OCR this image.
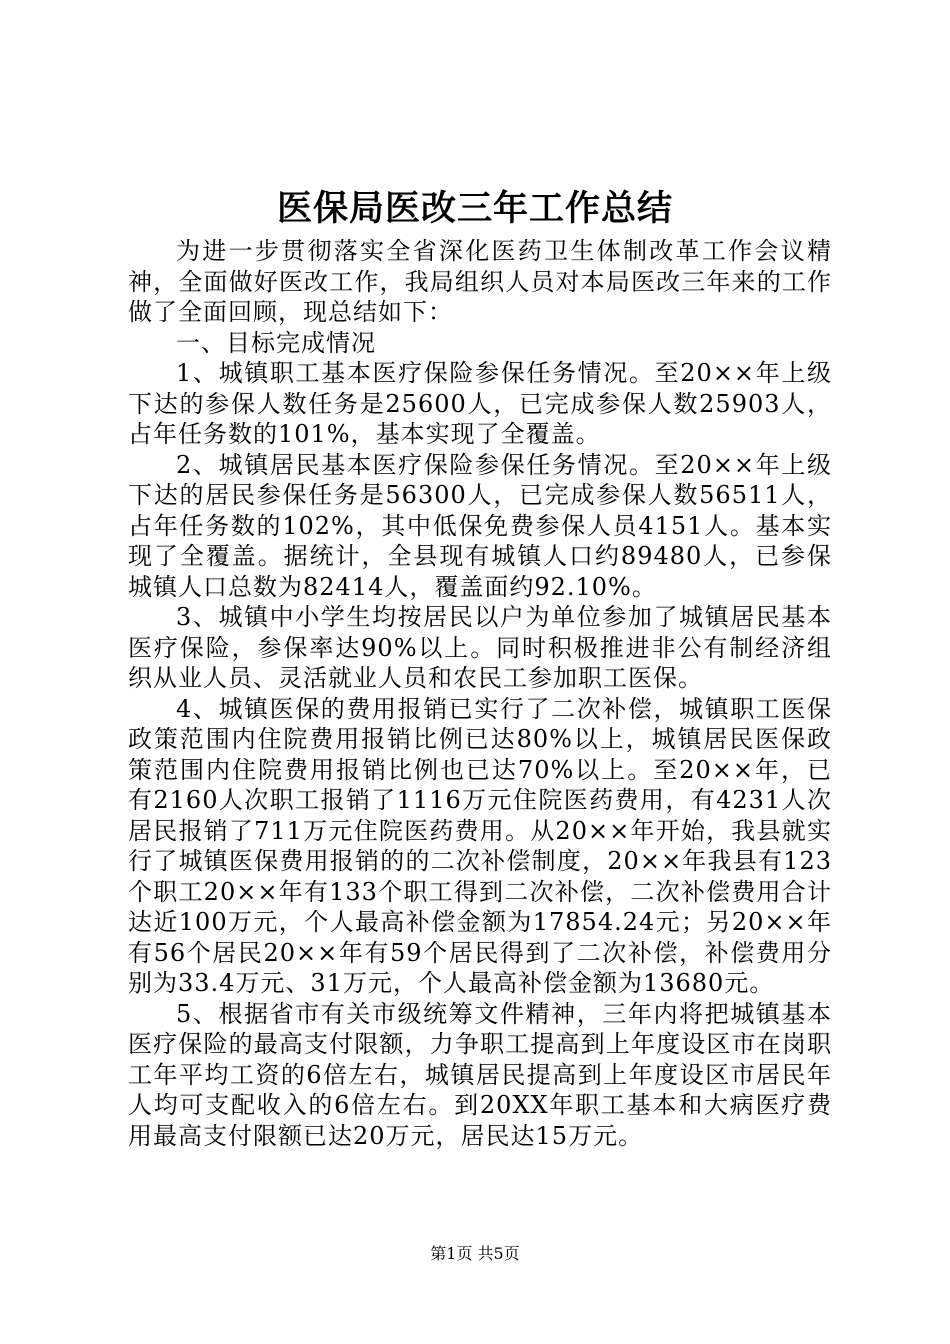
医保局医改三年工作总结

为进一步贯彻落实全省深化医药卫生体制改革工作会议精神，全面做好医改工作，我局组织人员对本局医改三年来的工作做了全面回顾，现总结如下：

一、目标完成情况

1、城镇职工基本医疗保险参保任务情况。至20××年上级下达的参保人数任务是25600人，已完成参保人数25903人，占年任务数的101%，基本实现了全覆盖。

2、城镇居民基本医疗保险参保任务情况。至20××年上级下达的居民参保任务是56300人，已完成参保人数56511人，占年任务数的102%，其中低保免费参保人员4151人。基本实现了全覆盖。据统计，全县现有城镇人口约89480人，已参保城镇人口总数为82414人，覆盖面约92.10%。

3、城镇中小学生均按居民以户为单位参加了城镇居民基本医疗保险，参保率达90%以上。同时积极推进非公有制经济组织从业人员、灵活就业人员和农民工参加职工医保。

4、城镇医保的费用报销已实行了二次补偿，城镇职工医保政策范围内住院费用报销比例已达80%以上，城镇居民医保政策范围内住院费用报销比例也已达70%以上。至20××年，已有2160人次职工报销了1116万元住院医药费用，有4231人次居民报销了711万元住院医药费用。从20××年开始，我县就实行了城镇医保费用报销的的二次补偿制度，20××年我县有123个职工20××年有133个职工得到二次补偿，二次补偿费用合计达近100万元，个人最高补偿金额为17854.24元；另20××年有56个居民20××年有59个居民得到了二次补偿，补偿费用分别为33.4万元、31万元，个人最高补偿金额为13680元。

5、根据省市有关市级统筹文件精神，三年内将把城镇基本医疗保险的最高支付限额，力争职工提高到上年度设区市在岗职工年平均工资的6倍左右，城镇居民提高到上年度设区市居民年人均可支配收入的6倍左右。到20XX年职工基本和大病医疗费用最高支付限额已达20万元，居民达15万元。

第1页 共5页
